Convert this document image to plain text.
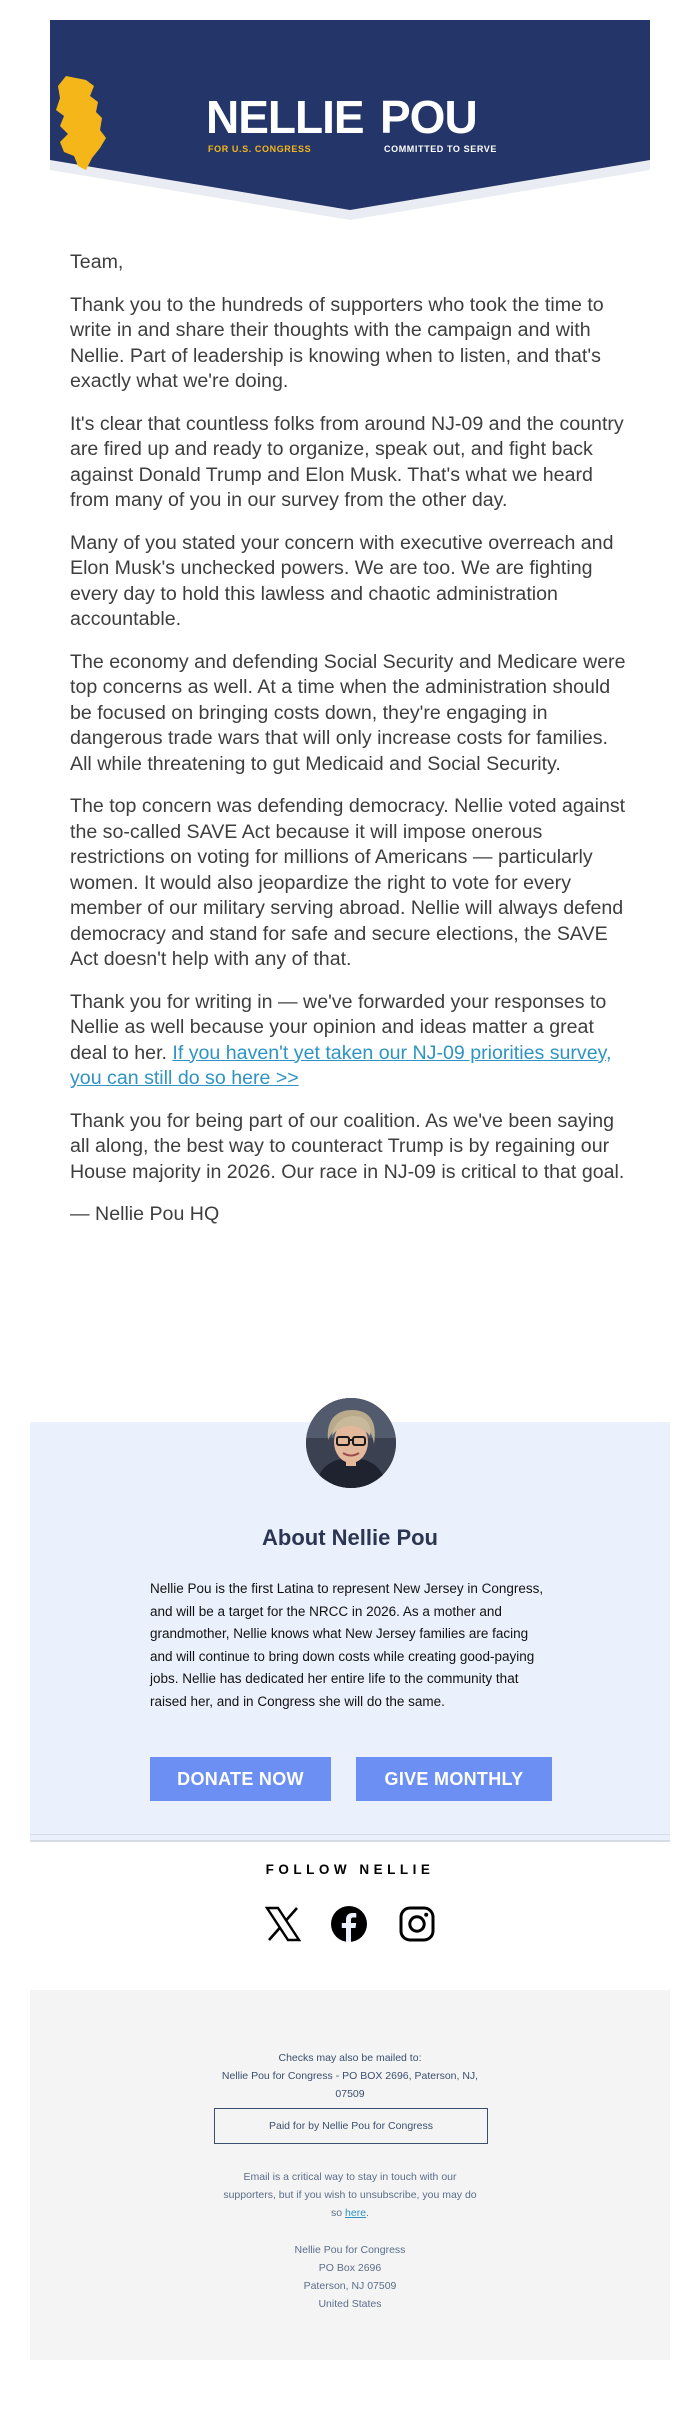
NELLIE POU
FOR U.S. CONGRESS	COMMITTED TO SERVE

Team,

Thank you to the hundreds of supporters who took the time to write in and share their thoughts with the campaign and with Nellie. Part of leadership is knowing when to listen, and that's exactly what we're doing.

It's clear that countless folks from around NJ-09 and the country are fired up and ready to organize, speak out, and fight back against Donald Trump and Elon Musk. That's what we heard from many of you in our survey from the other day.

Many of you stated your concern with executive overreach and Elon Musk's unchecked powers. We are too. We are fighting every day to hold this lawless and chaotic administration accountable.

The economy and defending Social Security and Medicare were top concerns as well. At a time when the administration should be focused on bringing costs down, they're engaging in dangerous trade wars that will only increase costs for families. All while threatening to gut Medicaid and Social Security.

The top concern was defending democracy. Nellie voted against the so-called SAVE Act because it will impose onerous restrictions on voting for millions of Americans — particularly women. It would also jeopardize the right to vote for every member of our military serving abroad. Nellie will always defend democracy and stand for safe and secure elections, the SAVE Act doesn't help with any of that.

Thank you for writing in — we've forwarded your responses to Nellie as well because your opinion and ideas matter a great deal to her. If you haven't yet taken our NJ-09 priorities survey, you can still do so here >>

Thank you for being part of our coalition. As we've been saying all along, the best way to counteract Trump is by regaining our House majority in 2026. Our race in NJ-09 is critical to that goal.

— Nellie Pou HQ

About Nellie Pou
Nellie Pou is the first Latina to represent New Jersey in Congress, and will be a target for the NRCC in 2026. As a mother and grandmother, Nellie knows what New Jersey families are facing and will continue to bring down costs while creating good-paying jobs. Nellie has dedicated her entire life to the community that raised her, and in Congress she will do the same.
DONATE NOW	GIVE MONTHLY
FOLLOW NELLIE
Checks may also be mailed to:
Nellie Pou for Congress - PO BOX 2696, Paterson, NJ,
07509
Paid for by Nellie Pou for Congress
Email is a critical way to stay in touch with our supporters, but if you wish to unsubscribe, you may do so here.
Nellie Pou for Congress
PO Box 2696
Paterson, NJ 07509
United States
